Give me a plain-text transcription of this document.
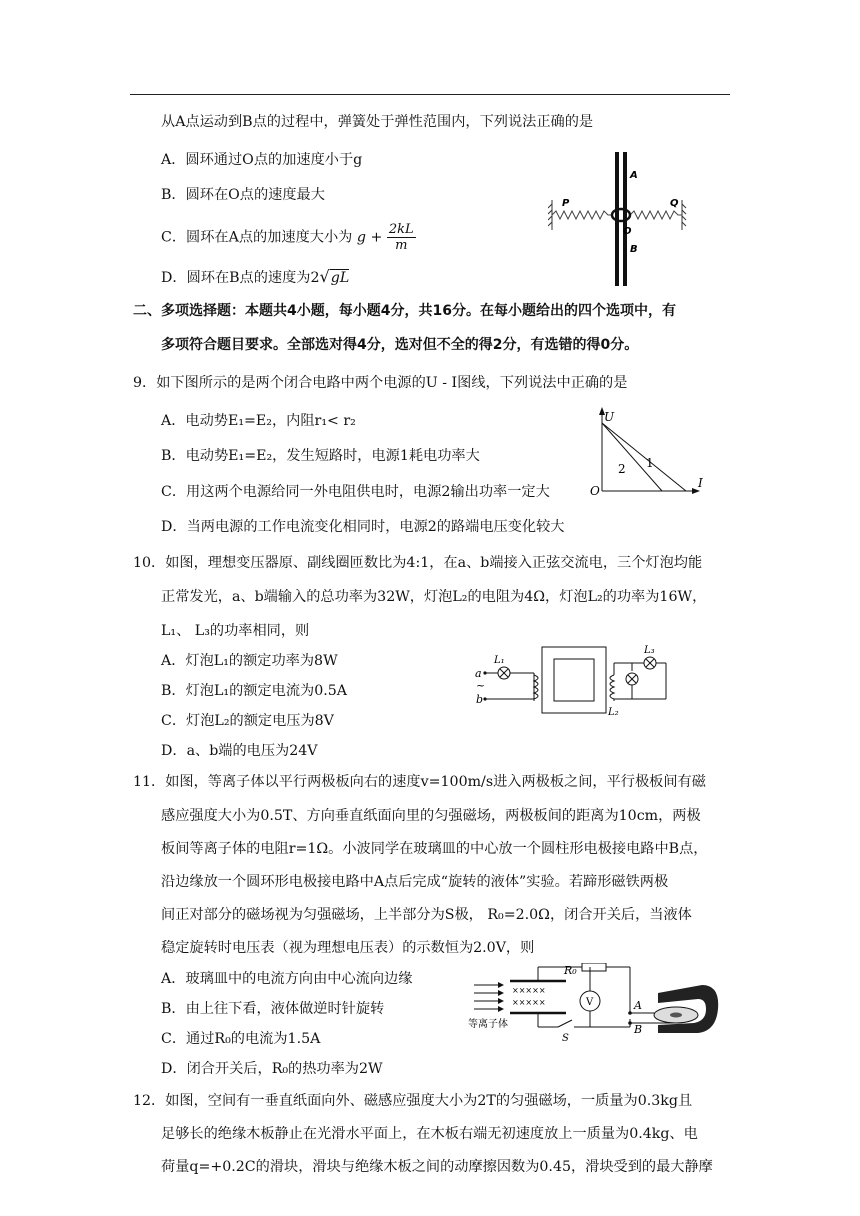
从A点运动到B点的过程中，弹簧处于弹性范围内，下列说法正确的是
A．圆环通过O点的加速度小于g
B．圆环在O点的速度最大
C．圆环在A点的加速度大小为 $g + \frac{2kL}{m}$
D．圆环在B点的速度为2√gL
P	Q
A
O
B
二、多项选择题：本题共4小题，每小题4分，共16分。在每小题给出的四个选项中，有
多项符合题目要求。全部选对得4分，选对但不全的得2分，有选错的得0分。
9．如下图所示的是两个闭合电路中两个电源的U - I图线，下列说法中正确的是
A．电动势E₁=E₂，内阻r₁< r₂
B．电动势E₁=E₂，发生短路时，电源1耗电功率大
C．用这两个电源给同一外电阻供电时，电源2输出功率一定大
D．当两电源的工作电流变化相同时，电源2的路端电压变化较大
U
I
O
1
2
10．如图，理想变压器原、副线圈匝数比为4:1，在a、b端接入正弦交流电，三个灯泡均能
正常发光，a、b端输入的总功率为32W，灯泡L₂的电阻为4Ω，灯泡L₂的功率为16W，
L₁、 L₃的功率相同，则
A．灯泡L₁的额定功率为8W
B．灯泡L₁的额定电流为0.5A
C．灯泡L₂的额定电压为8V
D．a、b端的电压为24V
L₁
L₃
L₂
a
b
~
11．如图，等离子体以平行两极板向右的速度v=100m/s进入两极板之间，平行极板间有磁
感应强度大小为0.5T、方向垂直纸面向里的匀强磁场，两极板间的距离为10cm，两极
板间等离子体的电阻r=1Ω。小波同学在玻璃皿的中心放一个圆柱形电极接电路中B点，
沿边缘放一个圆环形电极接电路中A点后完成“旋转的液体”实验。若蹄形磁铁两极
间正对部分的磁场视为匀强磁场，上半部分为S极， R₀=2.0Ω，闭合开关后，当液体
稳定旋转时电压表（视为理想电压表）的示数恒为2.0V，则
A．玻璃皿中的电流方向由中心流向边缘
B．由上往下看，液体做逆时针旋转
C．通过R₀的电流为1.5A
D．闭合开关后，R₀的热功率为2W
×××××
×××××
R₀
V	A
B
S
等离子体
12．如图，空间有一垂直纸面向外、磁感应强度大小为2T的匀强磁场，一质量为0.3kg且
足够长的绝缘木板静止在光滑水平面上，在木板右端无初速度放上一质量为0.4kg、电
荷量q=+0.2C的滑块，滑块与绝缘木板之间的动摩擦因数为0.45，滑块受到的最大静摩
